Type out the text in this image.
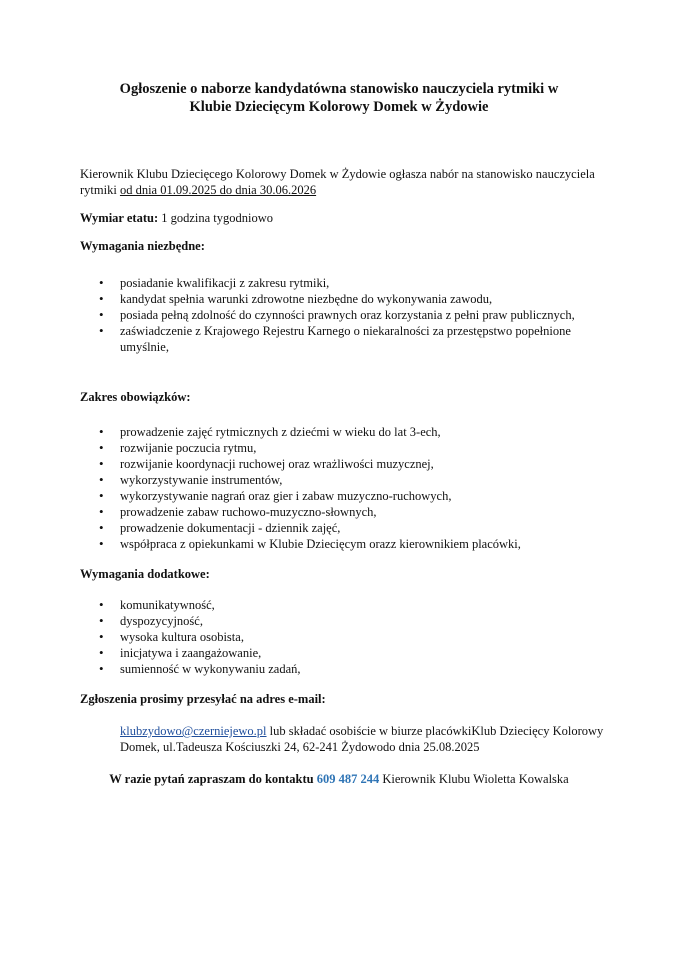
Ogłoszenie o naborze kandydatówna stanowisko nauczyciela rytmiki w
Klubie Dziecięcym Kolorowy Domek w Żydowie
Kierownik Klubu Dziecięcego Kolorowy Domek w Żydowie ogłasza nabór na stanowisko nauczyciela rytmiki od dnia 01.09.2025 do dnia 30.06.2026
Wymiar etatu: 1 godzina tygodniowo
Wymagania niezbędne:
• posiadanie kwalifikacji z zakresu rytmiki,
• kandydat spełnia warunki zdrowotne niezbędne do wykonywania zawodu,
• posiada pełną zdolność do czynności prawnych oraz korzystania z pełni praw publicznych,
• zaświadczenie z Krajowego Rejestru Karnego o niekaralności za przestępstwo popełnione umyślnie,
Zakres obowiązków:
• prowadzenie zajęć rytmicznych z dziećmi w wieku do lat 3-ech,
• rozwijanie poczucia rytmu,
• rozwijanie koordynacji ruchowej oraz wrażliwości muzycznej,
• wykorzystywanie instrumentów,
• wykorzystywanie nagrań oraz gier i zabaw muzyczno-ruchowych,
• prowadzenie zabaw ruchowo-muzyczno-słownych,
• prowadzenie dokumentacji - dziennik zajęć,
• współpraca z opiekunkami w Klubie Dziecięcym orazz kierownikiem placówki,
Wymagania dodatkowe:
• komunikatywność,
• dyspozycyjność,
• wysoka kultura osobista,
• inicjatywa i zaangażowanie,
• sumienność w wykonywaniu zadań,
Zgłoszenia prosimy przesyłać na adres e-mail:
klubzydowo@czerniejewo.pl lub składać osobiście w biurze placówkiKlub Dziecięcy Kolorowy Domek, ul.Tadeusza Kościuszki 24, 62-241 Żydowodo dnia 25.08.2025
W razie pytań zapraszam do kontaktu 609 487 244 Kierownik Klubu Wioletta Kowalska
